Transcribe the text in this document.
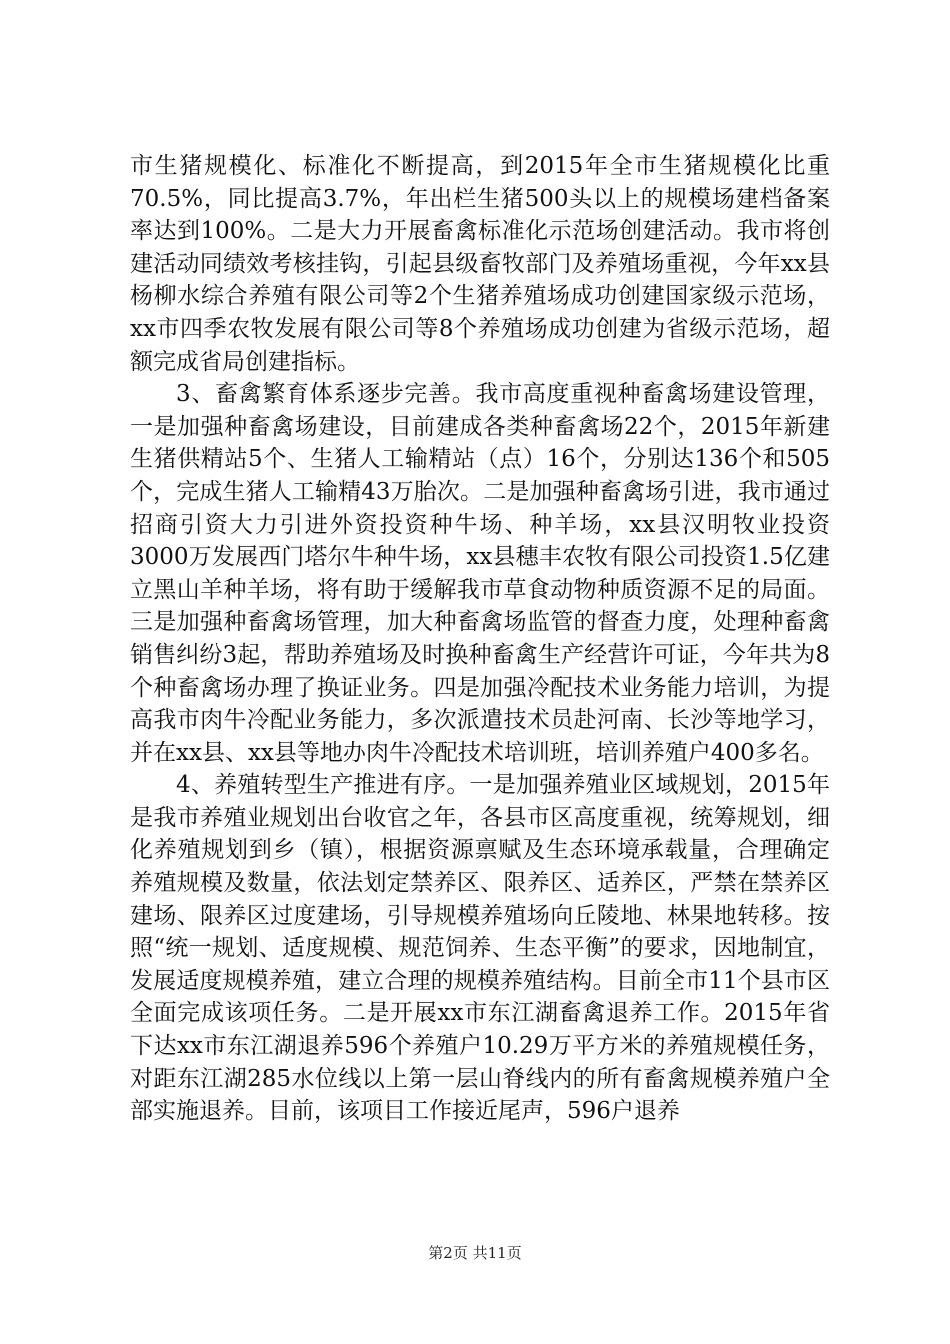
市生猪规模化、标准化不断提高，到2015年全市生猪规模化比重70.5%，同比提高3.7%，年出栏生猪500头以上的规模场建档备案率达到100%。二是大力开展畜禽标准化示范场创建活动。我市将创建活动同绩效考核挂钩，引起县级畜牧部门及养殖场重视，今年xx县杨柳水综合养殖有限公司等2个生猪养殖场成功创建国家级示范场，xx市四季农牧发展有限公司等8个养殖场成功创建为省级示范场，超额完成省局创建指标。

3、畜禽繁育体系逐步完善。我市高度重视种畜禽场建设管理，一是加强种畜禽场建设，目前建成各类种畜禽场22个，2015年新建生猪供精站5个、生猪人工输精站（点）16个，分别达136个和505个，完成生猪人工输精43万胎次。二是加强种畜禽场引进，我市通过招商引资大力引进外资投资种牛场、种羊场，xx县汉明牧业投资3000万发展西门塔尔牛种牛场，xx县穗丰农牧有限公司投资1.5亿建立黑山羊种羊场，将有助于缓解我市草食动物种质资源不足的局面。三是加强种畜禽场管理，加大种畜禽场监管的督查力度，处理种畜禽销售纠纷3起，帮助养殖场及时换种畜禽生产经营许可证，今年共为8个种畜禽场办理了换证业务。四是加强冷配技术业务能力培训，为提高我市肉牛冷配业务能力，多次派遣技术员赴河南、长沙等地学习，并在xx县、xx县等地办肉牛冷配技术培训班，培训养殖户400多名。

4、养殖转型生产推进有序。一是加强养殖业区域规划，2015年是我市养殖业规划出台收官之年，各县市区高度重视，统筹规划，细化养殖规划到乡（镇），根据资源禀赋及生态环境承载量，合理确定养殖规模及数量，依法划定禁养区、限养区、适养区，严禁在禁养区建场、限养区过度建场，引导规模养殖场向丘陵地、林果地转移。按照“统一规划、适度规模、规范饲养、生态平衡”的要求，因地制宜，发展适度规模养殖，建立合理的规模养殖结构。目前全市11个县市区全面完成该项任务。二是开展xx市东江湖畜禽退养工作。2015年省下达xx市东江湖退养596个养殖户10.29万平方米的养殖规模任务，对距东江湖285水位线以上第一层山脊线内的所有畜禽规模养殖户全部实施退养。目前，该项目工作接近尾声，596户退养

第2页 共11页
